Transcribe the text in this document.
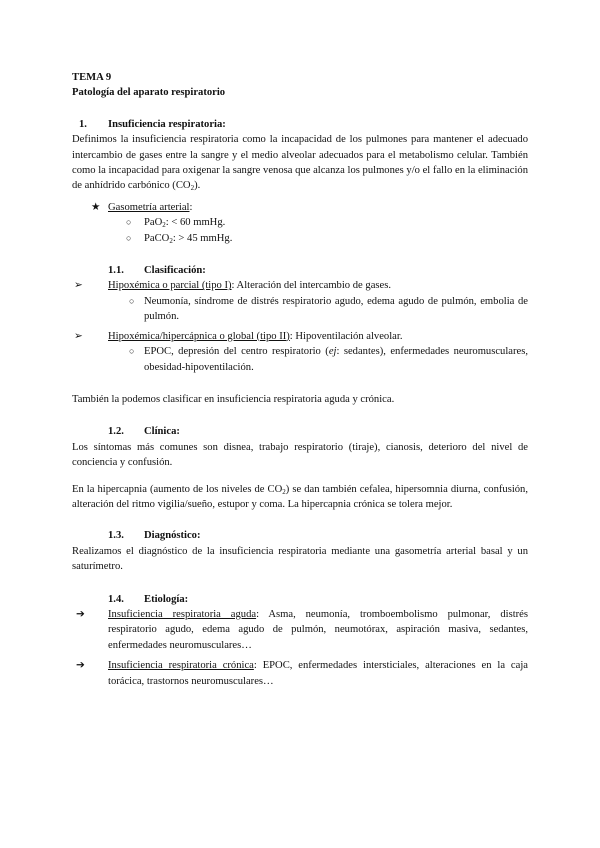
TEMA 9

Patología del aparato respiratorio

1. Insuficiencia respiratoria:

Definimos la insuficiencia respiratoria como la incapacidad de los pulmones para mantener el adecuado intercambio de gases entre la sangre y el medio alveolar adecuados para el metabolismo celular. También como la incapacidad para oxigenar la sangre venosa que alcanza los pulmones y/o el fallo en la eliminación de anhídrido carbónico $(CO_2)$.

★ Gasometría arterial:
○ PaO$_2$: < 60 mmHg.
○ PaCO$_2$: > 45 mmHg.

1.1. Clasificación:

➢ Hipoxémica o parcial (tipo I): Alteración del intercambio de gases.
○ Neumonía, síndrome de distrés respiratorio agudo, edema agudo de pulmón, embolia de pulmón.
➢ Hipoxémica/hipercápnica o global (tipo II): Hipoventilación alveolar.
○ EPOC, depresión del centro respiratorio (ej: sedantes), enfermedades neuromusculares, obesidad-hipoventilación.

También la podemos clasificar en insuficiencia respiratoria aguda y crónica.

1.2. Clínica:

Los síntomas más comunes son disnea, trabajo respiratorio (tiraje), cianosis, deterioro del nivel de conciencia y confusión.

En la hipercapnia (aumento de los niveles de $CO_2$) se dan también cefalea, hipersomnia diurna, confusión, alteración del ritmo vigilia/sueño, estupor y coma. La hipercapnia crónica se tolera mejor.

1.3. Diagnóstico:

Realizamos el diagnóstico de la insuficiencia respiratoria mediante una gasometría arterial basal y un saturímetro.

1.4. Etiología:

➔ Insuficiencia respiratoria aguda: Asma, neumonía, tromboembolismo pulmonar, distrés respiratorio agudo, edema agudo de pulmón, neumotórax, aspiración masiva, sedantes, enfermedades neuromusculares…
➔ Insuficiencia respiratoria crónica: EPOC, enfermedades intersticiales, alteraciones en la caja torácica, trastornos neuromusculares…
